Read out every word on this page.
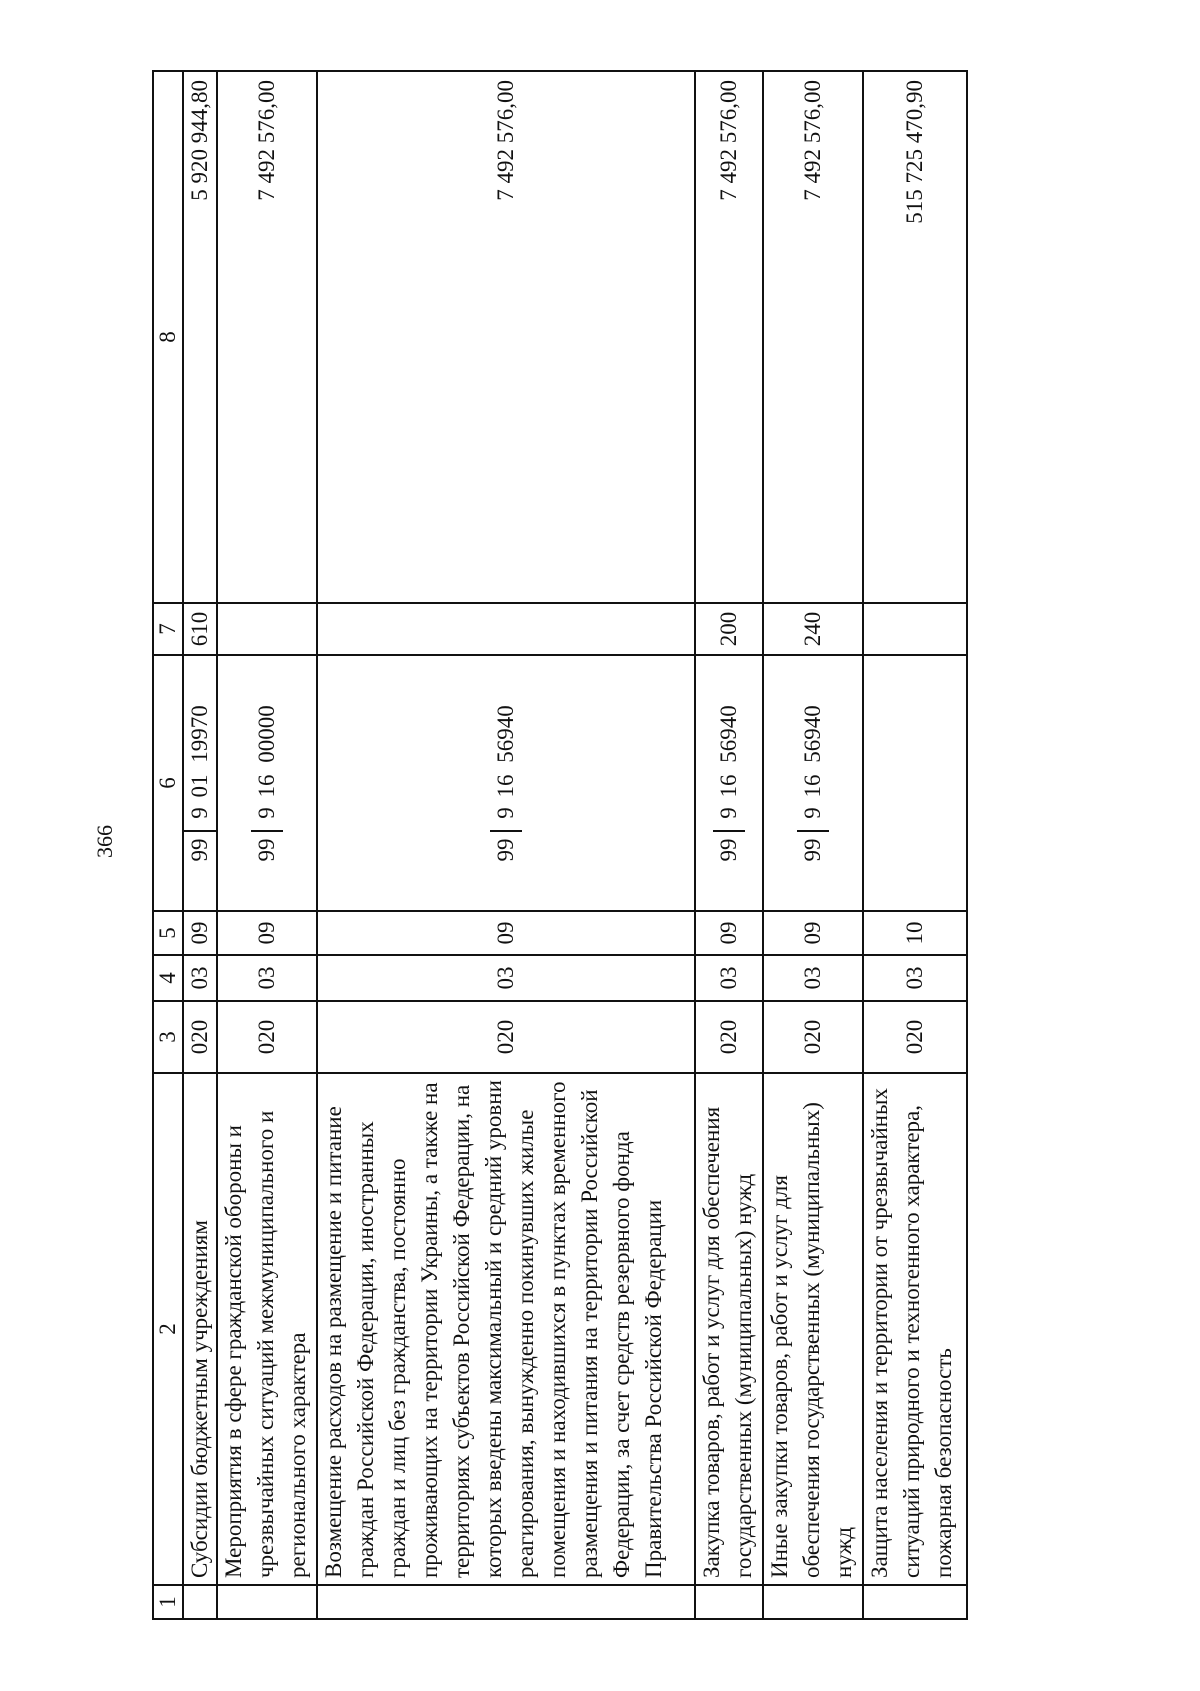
366
1	2	3	4	5	6	7	8
	Субсидии бюджетным учреждениям	020	03	09	9990119970	610	5 920 944,80
	Мероприятия в сфере гражданской обороны и чрезвычайных ситуаций межмуниципального и регионального характера	020	03	09	9991600000		7 492 576,00
	Возмещение расходов на размещение и питание граждан Российской Федерации, иностранных граждан и лиц без гражданства, постоянно проживающих на территории Украины, а также на территориях субъектов Российской Федерации, на которых введены максимальный и средний уровни реагирования, вынужденно покинувших жилые помещения и находившихся в пунктах временного размещения и питания на территории Российской Федерации, за счет средств резервного фонда Правительства Российской Федерации	020	03	09	9991656940		7 492 576,00
	Закупка товаров, работ и услуг для обеспечения государственных (муниципальных) нужд	020	03	09	9991656940	200	7 492 576,00
	Иные закупки товаров, работ и услуг для обеспечения государственных (муниципальных) нужд	020	03	09	9991656940	240	7 492 576,00
	Защита населения и территории от чрезвычайных ситуаций природного и техногенного характера, пожарная безопасность	020	03	10			515 725 470,90
